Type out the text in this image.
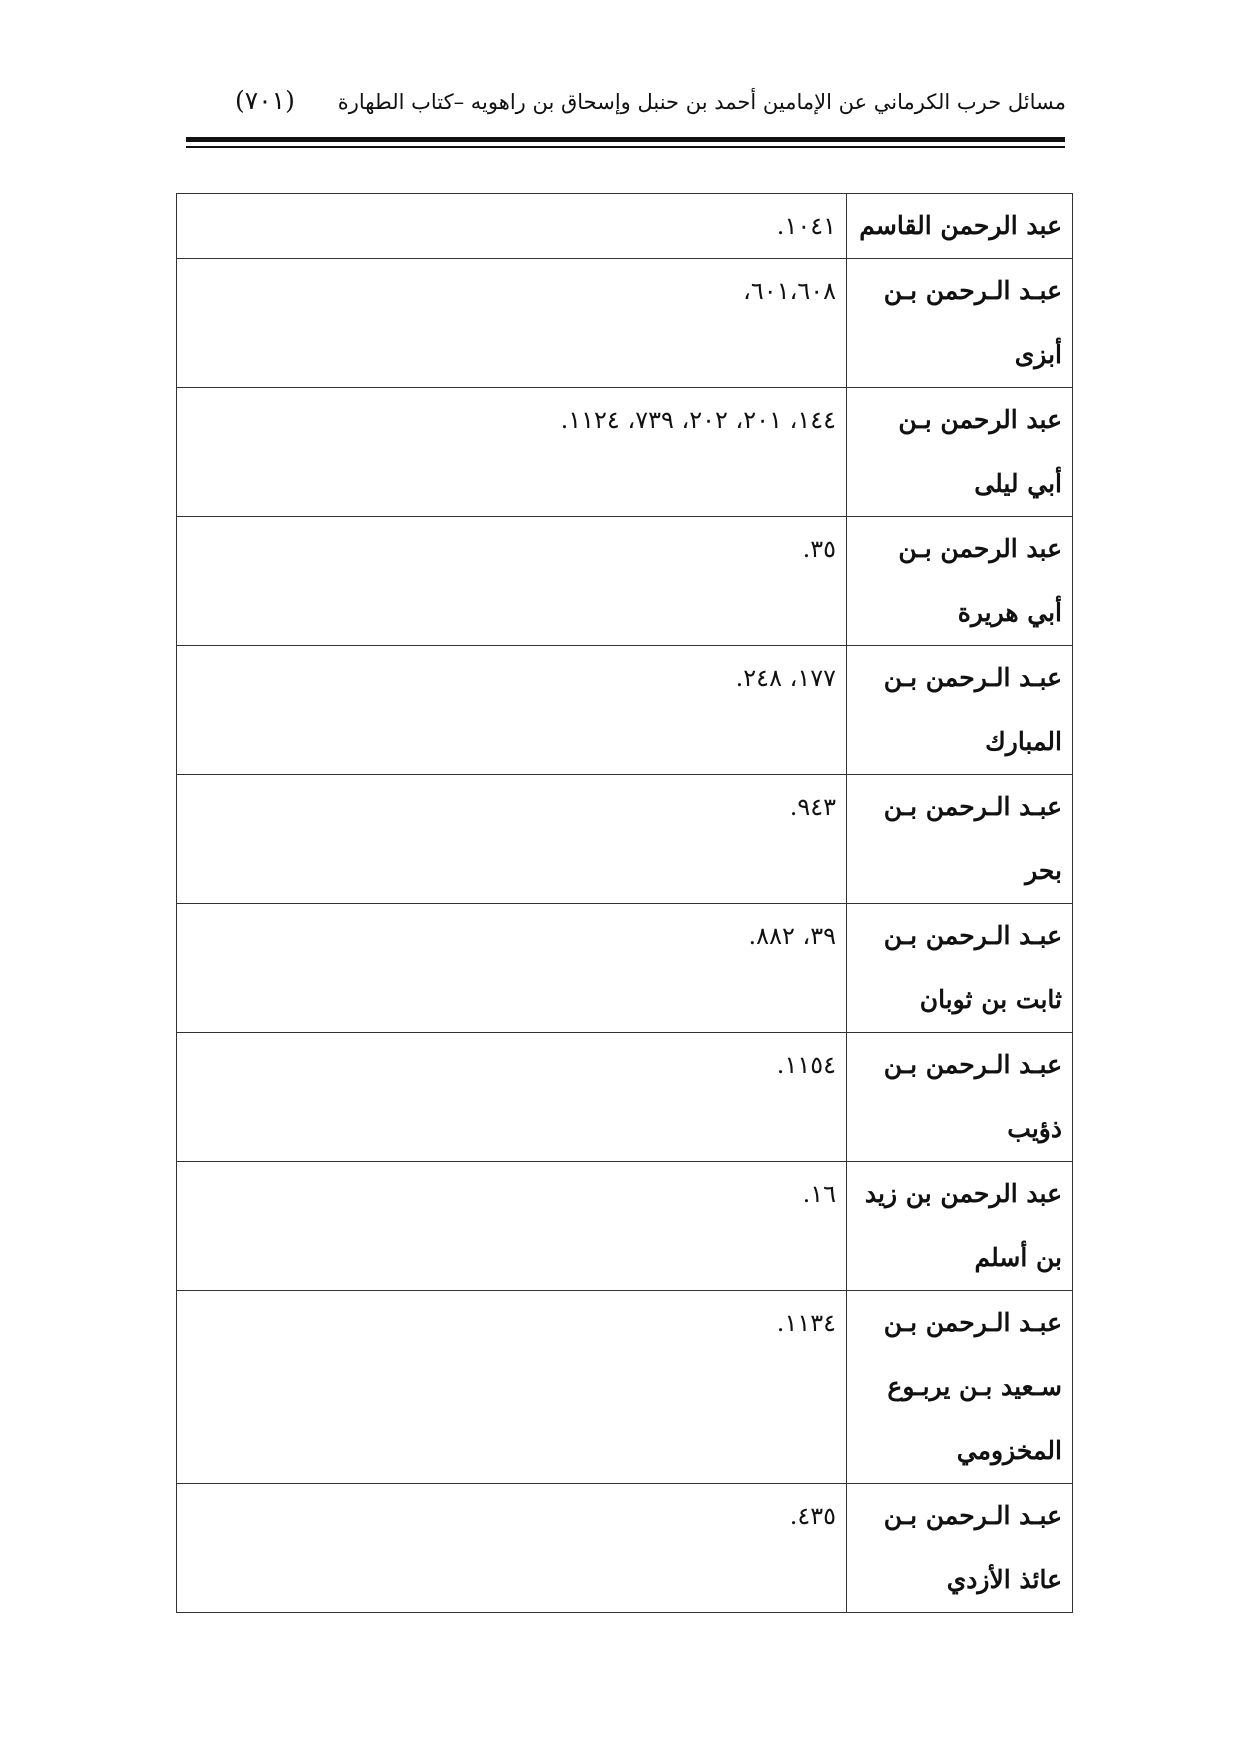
مسائل حرب الكرماني عن الإمامين أحمد بن حنبل وإسحاق بن راهويه –كتاب الطهارة
(٧٠١)
عبد الرحمن القاسم	١٠٤١.
عبـد الـرحمن بـن أبزى	٦٠١،٦٠٨،
عبد الرحمن بـن أبي ليلى	١٤٤، ٢٠١، ٢٠٢، ٧٣٩، ١١٢٤.
عبد الرحمن بـن أبي هريرة	٣٥.
عبـد الـرحمن بـن المبارك	١٧٧، ٢٤٨.
عبـد الـرحمن بـن بحر	٩٤٣.
عبـد الـرحمن بـن ثابت بن ثوبان	٣٩، ٨٨٢.
عبـد الـرحمن بـن ذؤيب	١١٥٤.
عبد الرحمن بن زيد بن أسلم	١٦.
عبـد الـرحمن بـن سـعيد بـن يربـوع المخزومي	١١٣٤.
عبـد الـرحمن بـن عائذ الأزدي	٤٣٥.
